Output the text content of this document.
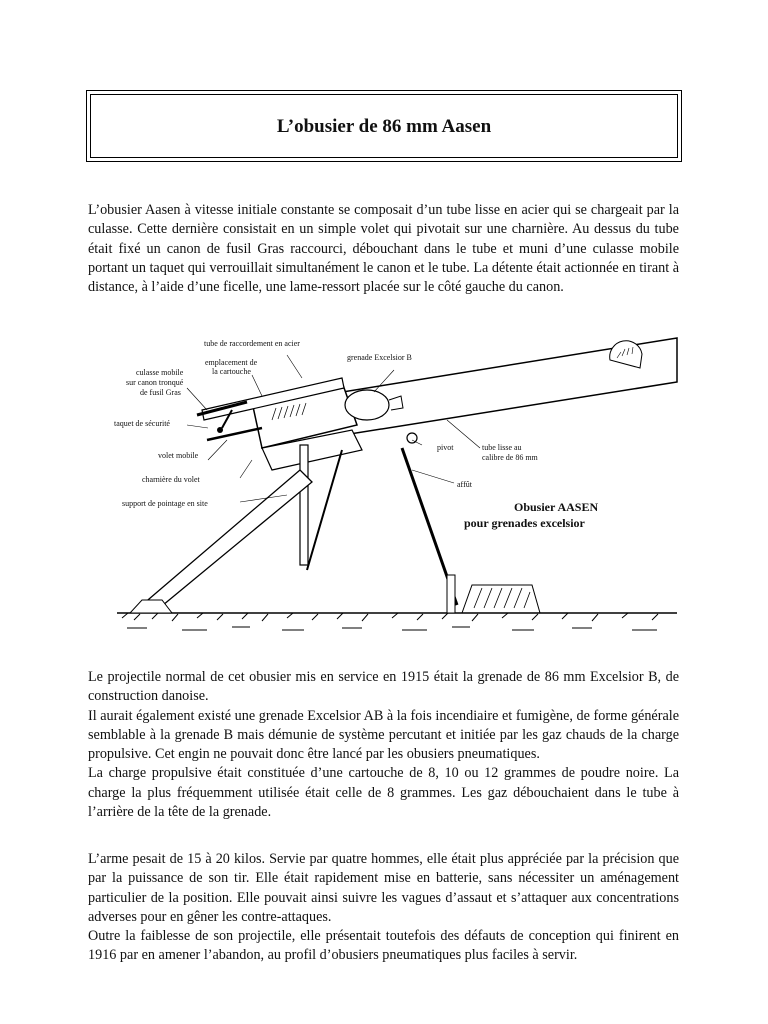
L’obusier de 86 mm Aasen

L’obusier Aasen à vitesse initiale constante se composait d’un tube lisse en acier qui se chargeait par la culasse. Cette dernière consistait en un simple volet qui pivotait sur une charnière. Au dessus du tube était fixé un canon de fusil Gras raccourci, débouchant dans le tube et muni d’une culasse mobile portant un taquet qui verrouillait simultanément le canon et le tube. La détente était actionnée en tirant à distance, à l’aide d’une ficelle, une lame-ressort placée sur le côté gauche du canon.

tube de raccordement en acier
emplacement de
la cartouche
grenade Excelsior B
culasse mobile
sur canon tronqué
de fusil Gras
taquet de sécurité
volet mobile
charnière du volet
support de pointage en site
pivot	tube lisse au
calibre de 86 mm
affût
Obusier AASEN
pour grenades excelsior

Le projectile normal de cet obusier mis en service en 1915 était la grenade de 86 mm Excelsior B, de construction danoise.

Il aurait également existé une grenade Excelsior AB à la fois incendiaire et fumigène, de forme générale semblable à la grenade B mais démunie de système percutant et initiée par les gaz chauds de la charge propulsive. Cet engin ne pouvait donc être lancé par les obusiers pneumatiques.

La charge propulsive était constituée d’une cartouche de 8, 10 ou 12 grammes de poudre noire. La charge la plus fréquemment utilisée était celle de 8 grammes. Les gaz débouchaient dans le tube à l’arrière de la tête de la grenade.

L’arme pesait de 15 à 20 kilos. Servie par quatre hommes, elle était plus appréciée par la précision que par la puissance de son tir. Elle était rapidement mise en batterie, sans nécessiter un aménagement particulier de la position. Elle pouvait ainsi suivre les vagues d’assaut et s’attaquer aux concentrations adverses pour en gêner les contre-attaques.

Outre la faiblesse de son projectile, elle présentait toutefois des défauts de conception qui finirent en 1916 par en amener l’abandon, au profil d’obusiers pneumatiques plus faciles à servir.
